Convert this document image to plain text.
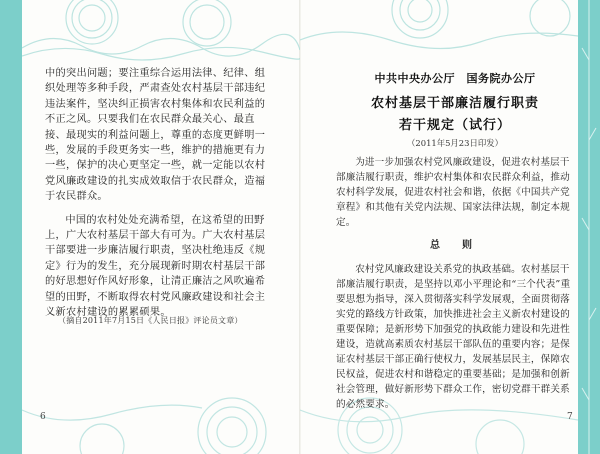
中的突出问题；要注重综合运用法律、纪律、组织处理等多种手段，严肃查处农村基层干部违纪违法案件，坚决纠正损害农村集体和农民利益的不正之风。只要我们在农民群众最关心、最直接、最现实的利益问题上，尊重的态度更鲜明一些，发展的手段更务实一些，维护的措施更有力一些，保护的决心更坚定一些，就一定能以农村党风廉政建设的扎实成效取信于农民群众，造福于农民群众。

中国的农村处处充满希望，在这希望的田野上，广大农村基层干部大有可为。广大农村基层干部要进一步廉洁履行职责，坚决杜绝违反《规定》行为的发生，充分展现新时期农村基层干部的好思想好作风好形象，让清正廉洁之风吹遍希望的田野，不断取得农村党风廉政建设和社会主义新农村建设的累累硕果。

（摘自2011年7月15日《人民日报》评论员文章）
6
中共中央办公厅　国务院办公厅
农村基层干部廉洁履行职责
若干规定（试行）
（2011年5月23日印发）

为进一步加强农村党风廉政建设，促进农村基层干部廉洁履行职责，维护农村集体和农民群众利益，推动农村科学发展，促进农村社会和谐，依据《中国共产党章程》和其他有关党内法规、国家法律法规，制定本规定。

总　则

农村党风廉政建设关系党的执政基础。农村基层干部廉洁履行职责，是坚持以邓小平理论和“三个代表”重要思想为指导，深入贯彻落实科学发展观，全面贯彻落实党的路线方针政策，加快推进社会主义新农村建设的重要保障；是新形势下加强党的执政能力建设和先进性建设，造就高素质农村基层干部队伍的重要内容；是保证农村基层干部正确行使权力，发展基层民主，保障农民权益，促进农村和谐稳定的重要基础；是加强和创新社会管理，做好新形势下群众工作，密切党群干群关系的必然要求。

7
